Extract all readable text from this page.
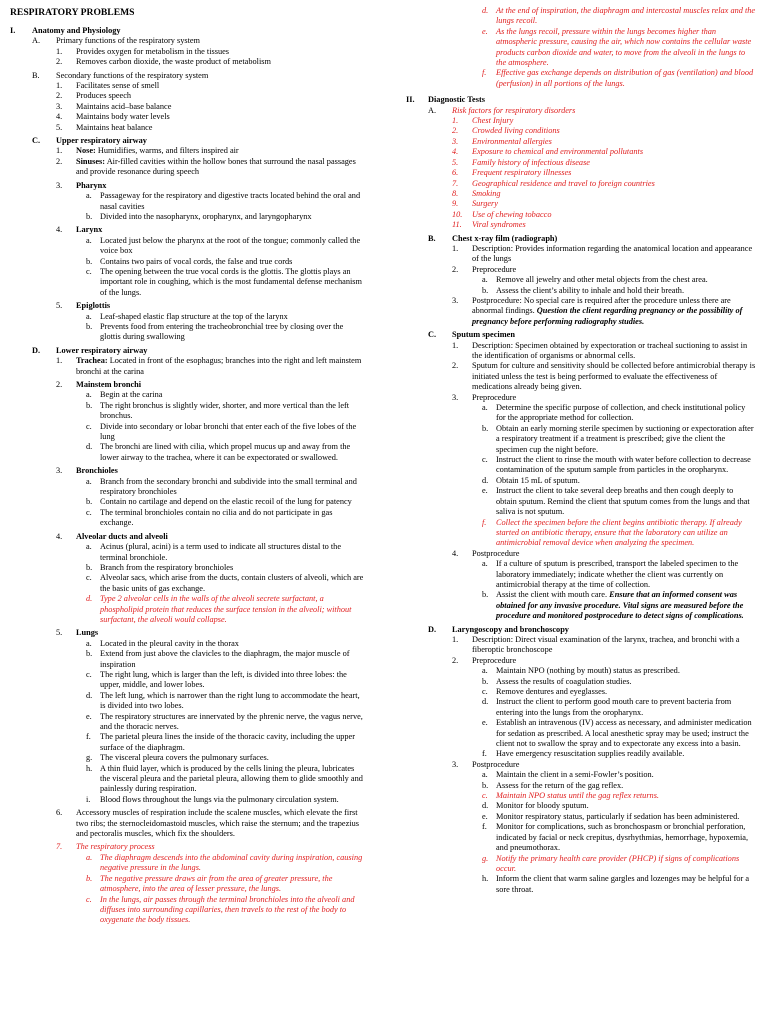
RESPIRATORY PROBLEMS
I. Anatomy and Physiology
A. Primary functions of the respiratory system
1. Provides oxygen for metabolism in the tissues
2. Removes carbon dioxide, the waste product of metabolism
B. Secondary functions of the respiratory system
1. Facilitates sense of smell
2. Produces speech
3. Maintains acid–base balance
4. Maintains body water levels
5. Maintains heat balance
C. Upper respiratory airway
1. Nose: Humidifies, warms, and filters inspired air
2. Sinuses: Air-filled cavities within the hollow bones that surround the nasal passages and provide resonance during speech
3. Pharynx
a. Passageway for the respiratory and digestive tracts located behind the oral and nasal cavities
b. Divided into the nasopharynx, oropharynx, and laryngopharynx
4. Larynx
a. Located just below the pharynx at the root of the tongue; commonly called the voice box
b. Contains two pairs of vocal cords, the false and true cords
c. The opening between the true vocal cords is the glottis. The glottis plays an important role in coughing, which is the most fundamental defense mechanism of the lungs.
5. Epiglottis
a. Leaf-shaped elastic flap structure at the top of the larynx
b. Prevents food from entering the tracheobronchial tree by closing over the glottis during swallowing
D. Lower respiratory airway
1. Trachea: Located in front of the esophagus; branches into the right and left mainstem bronchi at the carina
2. Mainstem bronchi
a. Begin at the carina
b. The right bronchus is slightly wider, shorter, and more vertical than the left bronchus.
c. Divide into secondary or lobar bronchi that enter each of the five lobes of the lung
d. The bronchi are lined with cilia, which propel mucus up and away from the lower airway to the trachea, where it can be expectorated or swallowed.
3. Bronchioles
a. Branch from the secondary bronchi and subdivide into the small terminal and respiratory bronchioles
b. Contain no cartilage and depend on the elastic recoil of the lung for patency
c. The terminal bronchioles contain no cilia and do not participate in gas exchange.
4. Alveolar ducts and alveoli
a. Acinus (plural, acini) is a term used to indicate all structures distal to the terminal bronchiole.
b. Branch from the respiratory bronchioles
c. Alveolar sacs, which arise from the ducts, contain clusters of alveoli, which are the basic units of gas exchange.
d. Type 2 alveolar cells in the walls of the alveoli secrete surfactant, a phospholipid protein that reduces the surface tension in the alveoli; without surfactant, the alveoli would collapse.
5. Lungs
a. Located in the pleural cavity in the thorax
b. Extend from just above the clavicles to the diaphragm, the major muscle of inspiration
c. The right lung, which is larger than the left, is divided into three lobes: the upper, middle, and lower lobes.
d. The left lung, which is narrower than the right lung to accommodate the heart, is divided into two lobes.
e. The respiratory structures are innervated by the phrenic nerve, the vagus nerve, and the thoracic nerves.
f. The parietal pleura lines the inside of the thoracic cavity, including the upper surface of the diaphragm.
g. The visceral pleura covers the pulmonary surfaces.
h. A thin fluid layer, which is produced by the cells lining the pleura, lubricates the visceral pleura and the parietal pleura, allowing them to glide smoothly and painlessly during respiration.
i. Blood flows throughout the lungs via the pulmonary circulation system.
6. Accessory muscles of respiration include the scalene muscles, which elevate the first two ribs; the sternocleidomastoid muscles, which raise the sternum; and the trapezius and pectoralis muscles, which fix the shoulders.
7. The respiratory process
a. The diaphragm descends into the abdominal cavity during inspiration, causing negative pressure in the lungs.
b. The negative pressure draws air from the area of greater pressure, the atmosphere, into the area of lesser pressure, the lungs.
c. In the lungs, air passes through the terminal bronchioles into the alveoli and diffuses into surrounding capillaries, then travels to the rest of the body to oxygenate the body tissues.
d. At the end of inspiration, the diaphragm and intercostal muscles relax and the lungs recoil.
e. As the lungs recoil, pressure within the lungs becomes higher than atmospheric pressure, causing the air, which now contains the cellular waste products carbon dioxide and water, to move from the alveoli in the lungs to the atmosphere.
f. Effective gas exchange depends on distribution of gas (ventilation) and blood (perfusion) in all portions of the lungs.
II. Diagnostic Tests
A. Risk factors for respiratory disorders
1. Chest Injury
2. Crowded living conditions
3. Environmental allergies
4. Exposure to chemical and environmental pollutants
5. Family history of infectious disease
6. Frequent respiratory illnesses
7. Geographical residence and travel to foreign countries
8. Smoking
9. Surgery
10. Use of chewing tobacco
11. Viral syndromes
B. Chest x-ray film (radiograph)
1. Description: Provides information regarding the anatomical location and appearance of the lungs
2. Preprocedure
a. Remove all jewelry and other metal objects from the chest area.
b. Assess the client’s ability to inhale and hold their breath.
3. Postprocedure: No special care is required after the procedure unless there are abnormal findings. Question the client regarding pregnancy or the possibility of pregnancy before performing radiography studies.
C. Sputum specimen
1. Description: Specimen obtained by expectoration or tracheal suctioning to assist in the identification of organisms or abnormal cells.
2. Sputum for culture and sensitivity should be collected before antimicrobial therapy is initiated unless the test is being performed to evaluate the effectiveness of medications already being given.
3. Preprocedure
a. Determine the specific purpose of collection, and check institutional policy for the appropriate method for collection.
b. Obtain an early morning sterile specimen by suctioning or expectoration after a respiratory treatment if a treatment is prescribed; give the client the specimen cup the night before.
c. Instruct the client to rinse the mouth with water before collection to decrease contamination of the sputum sample from particles in the oropharynx.
d. Obtain 15 mL of sputum.
e. Instruct the client to take several deep breaths and then cough deeply to obtain sputum. Remind the client that sputum comes from the lungs and that saliva is not sputum.
f. Collect the specimen before the client begins antibiotic therapy. If already started on antibiotic therapy, ensure that the laboratory can utilize an antimicrobial removal device when analyzing the specimen.
4. Postprocedure
a. If a culture of sputum is prescribed, transport the labeled specimen to the laboratory immediately; indicate whether the client was currently on antimicrobial therapy at the time of collection.
b. Assist the client with mouth care. Ensure that an informed consent was obtained for any invasive procedure. Vital signs are measured before the procedure and monitored postprocedure to detect signs of complications.
D. Laryngoscopy and bronchoscopy
1. Description: Direct visual examination of the larynx, trachea, and bronchi with a fiberoptic bronchoscope
2. Preprocedure
a. Maintain NPO (nothing by mouth) status as prescribed.
b. Assess the results of coagulation studies.
c. Remove dentures and eyeglasses.
d. Instruct the client to perform good mouth care to prevent bacteria from entering into the lungs from the oropharynx.
e. Establish an intravenous (IV) access as necessary, and administer medication for sedation as prescribed. A local anesthetic spray may be used; instruct the client not to swallow the spray and to expectorate any excess into a basin.
f. Have emergency resuscitation supplies readily available.
3. Postprocedure
a. Maintain the client in a semi-Fowler’s position.
b. Assess for the return of the gag reflex.
c. Maintain NPO status until the gag reflex returns.
d. Monitor for bloody sputum.
e. Monitor respiratory status, particularly if sedation has been administered.
f. Monitor for complications, such as bronchospasm or bronchial perforation, indicated by facial or neck crepitus, dysrhythmias, hemorrhage, hypoxemia, and pneumothorax.
g. Notify the primary health care provider (PHCP) if signs of complications occur.
h. Inform the client that warm saline gargles and lozenges may be helpful for a sore throat.
